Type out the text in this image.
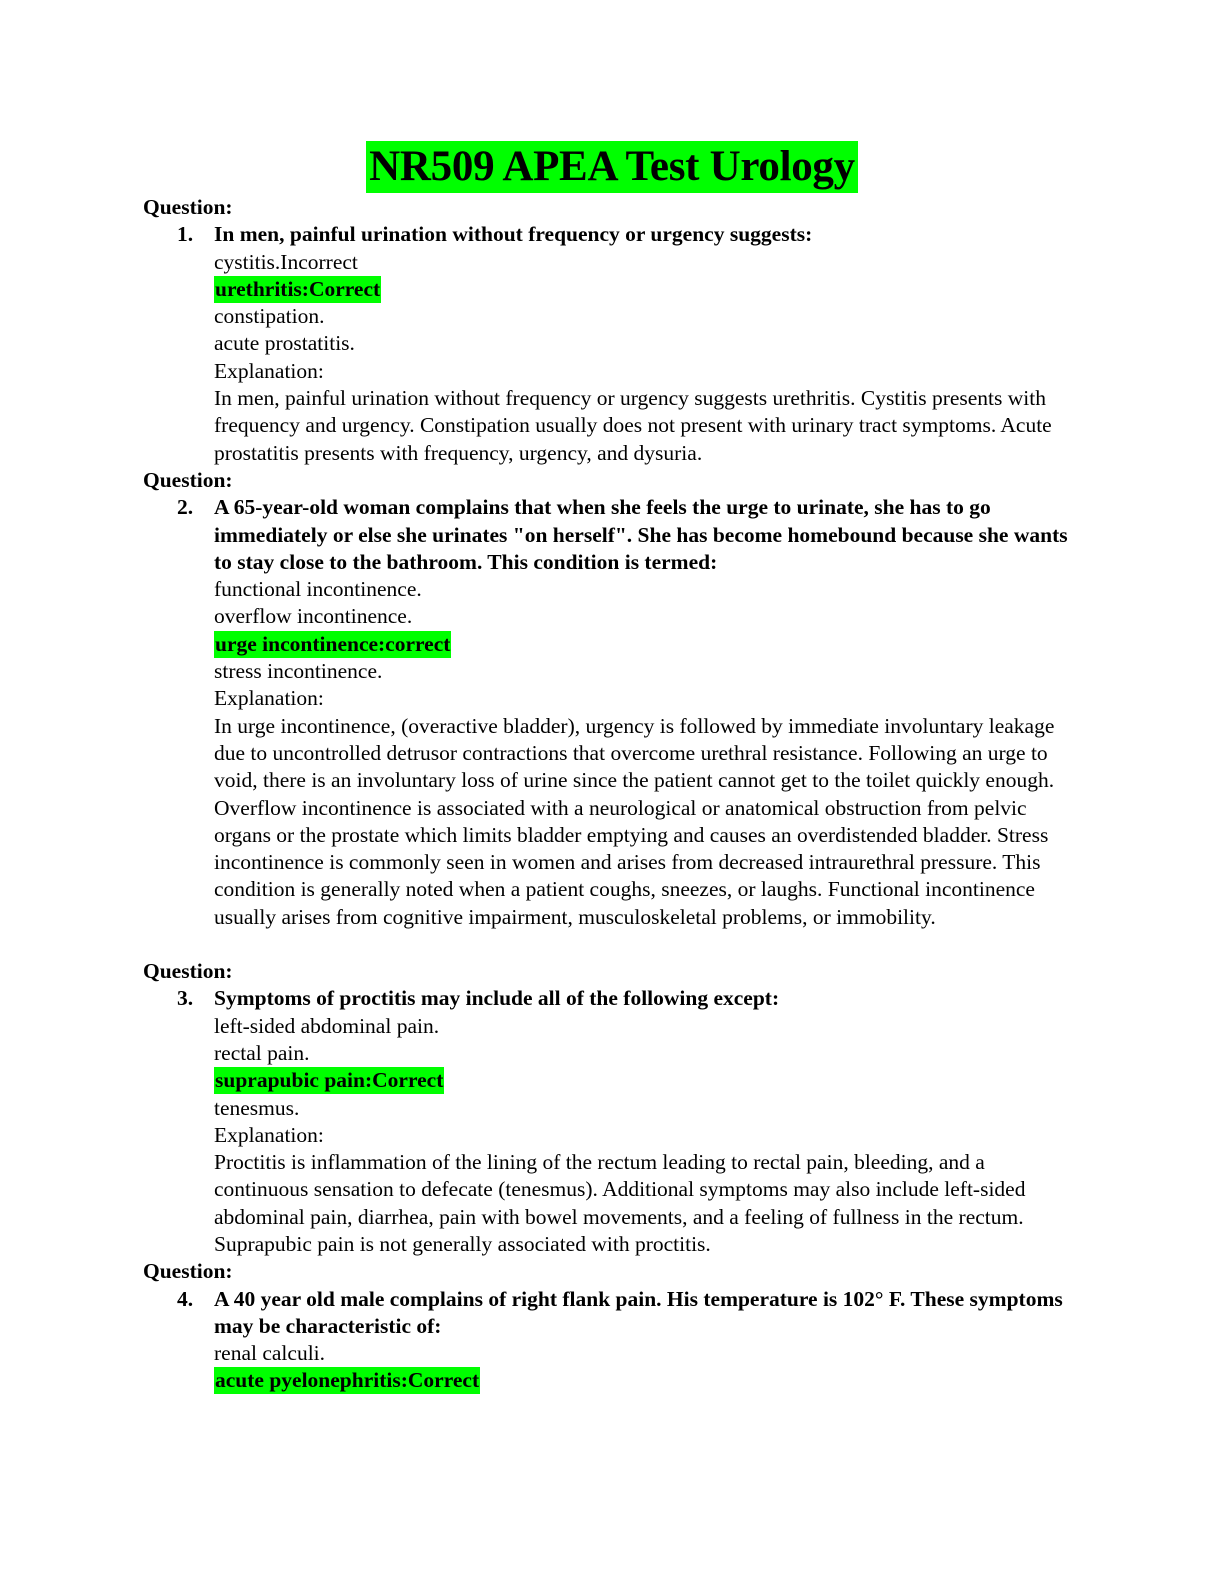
NR509 APEA Test Urology
Question:
1. In men, painful urination without frequency or urgency suggests:
cystitis.Incorrect
urethritis:Correct
constipation.
acute prostatitis.
Explanation:
In men, painful urination without frequency or urgency suggests urethritis. Cystitis presents with frequency and urgency. Constipation usually does not present with urinary tract symptoms. Acute prostatitis presents with frequency, urgency, and dysuria.
Question:
2. A 65-year-old woman complains that when she feels the urge to urinate, she has to go immediately or else she urinates "on herself". She has become homebound because she wants to stay close to the bathroom. This condition is termed:
functional incontinence.
overflow incontinence.
urge incontinence:correct
stress incontinence.
Explanation:
In urge incontinence, (overactive bladder), urgency is followed by immediate involuntary leakage due to uncontrolled detrusor contractions that overcome urethral resistance. Following an urge to void, there is an involuntary loss of urine since the patient cannot get to the toilet quickly enough. Overflow incontinence is associated with a neurological or anatomical obstruction from pelvic organs or the prostate which limits bladder emptying and causes an overdistended bladder. Stress incontinence is commonly seen in women and arises from decreased intraurethral pressure. This condition is generally noted when a patient coughs, sneezes, or laughs. Functional incontinence usually arises from cognitive impairment, musculoskeletal problems, or immobility.
Question:
3. Symptoms of proctitis may include all of the following except:
left-sided abdominal pain.
rectal pain.
suprapubic pain:Correct
tenesmus.
Explanation:
Proctitis is inflammation of the lining of the rectum leading to rectal pain, bleeding, and a continuous sensation to defecate (tenesmus). Additional symptoms may also include left-sided abdominal pain, diarrhea, pain with bowel movements, and a feeling of fullness in the rectum. Suprapubic pain is not generally associated with proctitis.
Question:
4. A 40 year old male complains of right flank pain. His temperature is 102° F. These symptoms may be characteristic of:
renal calculi.
acute pyelonephritis:Correct
